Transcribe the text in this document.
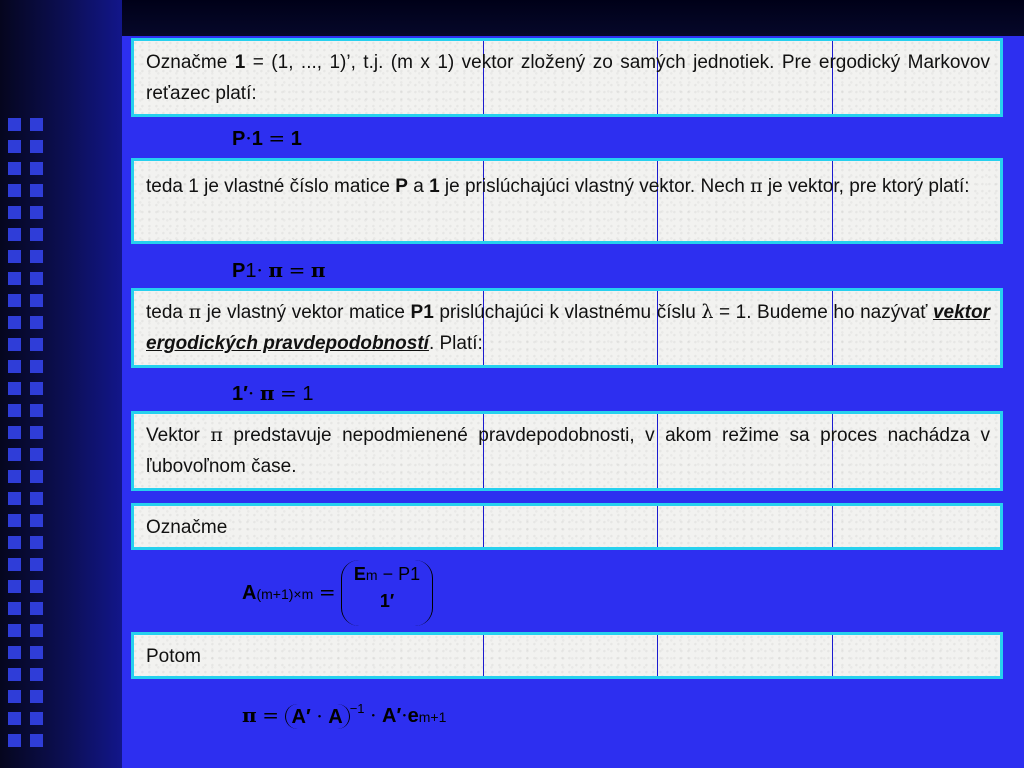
Označme 1 = (1, ..., 1)’, t.j. (m x 1) vektor zložený zo samých jednotiek. Pre ergodický Markovov reťazec platí:
P·1 = 1
teda 1 je vlastné číslo matice P a 1 je prislúchajúci vlastný vektor. Nech π je vektor, pre ktorý platí:
P1· π = π
teda π je vlastný vektor matice P1 prislúchajúci k vlastnému číslu λ = 1. Budeme ho nazývať vektor ergodických pravdepodobností. Platí:
1′· π = 1
Vektor π predstavuje nepodmienené pravdepodobnosti, v akom režime sa proces nachádza v ľubovoľnom čase.
Označme
A(m+1)×m =
Em − P1
1′
Potom
π = A′ · A $^{-1}$ · A′·em+1
